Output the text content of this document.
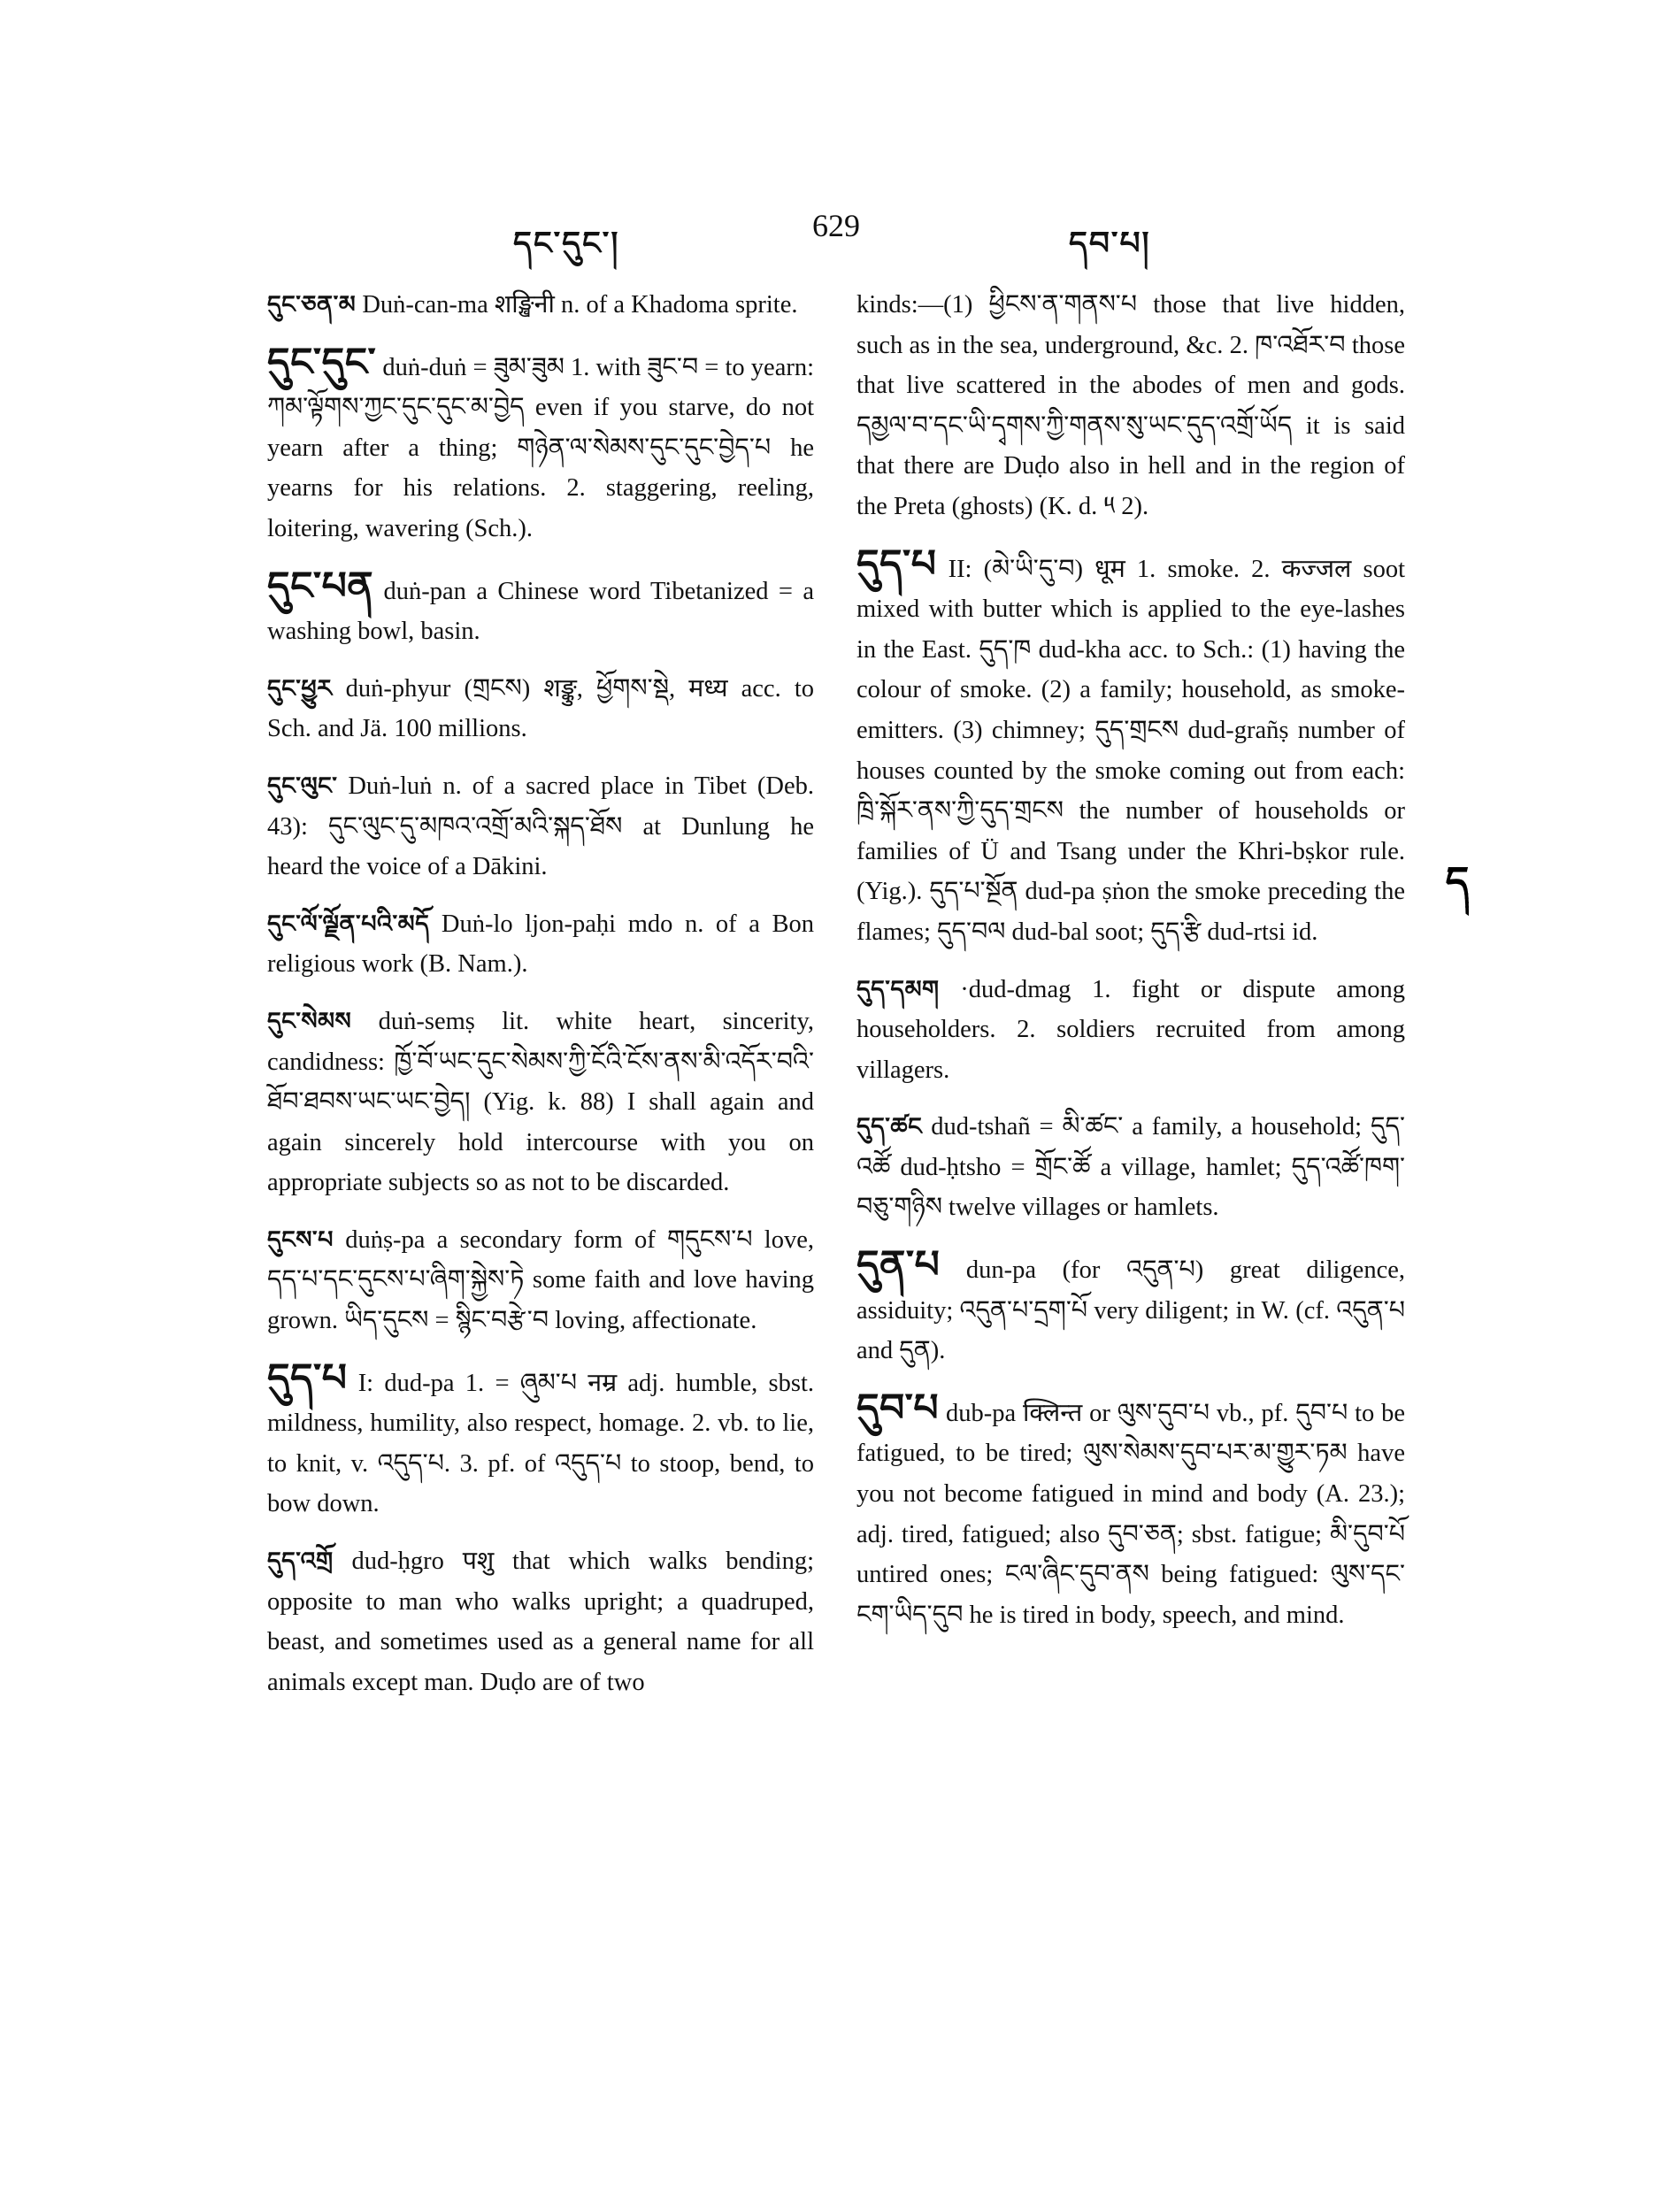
དང་དུང་།	629	དབ་པ།

དུང་ཅན་མ Duṅ-can-ma शङ्खिनी n. of a Khadoma sprite.

དུང་དུང་ duṅ-duṅ = ཟུམ་ཟུམ 1. with ཟུང་བ = to yearn: ཀམ་ལྟོགས་ཀྱང་དུང་དུང་མ་བྱེད even if you starve, do not yearn after a thing; གཉེན་ལ་སེམས་དུང་དུང་བྱེད་པ he yearns for his relations. 2. staggering, reeling, loitering, wavering (Sch.).

དུང་པན duṅ-pan a Chinese word Tibetanized = a washing bowl, basin.

དུང་ཕྱུར duṅ-phyur (གྲངས) शङ्कु, ཕྱོགས་སྡེ, मध्य acc. to Sch. and Jä. 100 millions.

དུང་ལུང་ Duṅ-luṅ n. of a sacred place in Tibet (Deb. 43): དུང་ལུང་དུ་མཁའ་འགྲོ་མའི་སྐད་ཐོས at Dunlung he heard the voice of a Dākini.

དུང་ལོ་ལྗོན་པའི་མདོ Duṅ-lo ljon-paḥi mdo n. of a Bon religious work (B. Nam.).

དུང་སེམས duṅ-semṣ lit. white heart, sincerity, candidness: ཁྱོ་བོ་ཡང་དུང་སེམས་ཀྱི་ངོའི་ངོས་ནས་མི་འདོར་བའི་ཐོབ་ཐབས་ཡང་ཡང་བྱེད། (Yig. k. 88) I shall again and again sincerely hold intercourse with you on appropriate subjects so as not to be discarded.

དུངས་པ duṅṣ-pa a secondary form of གདུངས་པ love, དད་པ་དང་དུངས་པ་ཞིག་སྐྱེས་ཏེ some faith and love having grown. ཡིད་དུངས = སྙིང་བརྩེ་བ loving, affectionate.

དུད་པ I: dud-pa 1. = ཞུམ་པ नम्र adj. humble, sbst. mildness, humility, also respect, homage. 2. vb. to lie, to knit, v. འདུད་པ. 3. pf. of འདུད་པ to stoop, bend, to bow down.

དུད་འགྲོ dud-ḥgro पशु that which walks bending; opposite to man who walks upright; a quadruped, beast, and sometimes used as a general name for all animals except man. Duḍo are of two

kinds:—(1) ཕྱིངས་ན་གནས་པ those that live hidden, such as in the sea, underground, &c. 2. ཁ་འཐོར་བ those that live scattered in the abodes of men and gods. དམྱལ་བ་དང་ཡི་དྭགས་ཀྱི་གནས་སུ་ཡང་དུད་འགྲོ་ཡོད it is said that there are Duḍo also in hell and in the region of the Preta (ghosts) (K. d. ༥ 2).

དུད་པ II: (མེ་ཡི་དུ་བ) धूम 1. smoke. 2. कज्जल soot mixed with butter which is applied to the eye-lashes in the East. དུད་ཁ dud-kha acc. to Sch.: (1) having the colour of smoke. (2) a family; household, as smoke-emitters. (3) chimney; དུད་གྲངས dud-grañṣ number of houses counted by the smoke coming out from each: ཁྲི་སྐོར་ནས་ཀྱི་དུད་གྲངས the number of households or families of Ü and Tsang under the Khri-bṣkor rule. (Yig.). དུད་པ་སྔོན dud-pa ṣṅon the smoke preceding the flames; དུད་བལ dud-bal soot; དུད་རྩི dud-rtsi id.

དུད་དམག ·dud-dmag 1. fight or dispute among householders. 2. soldiers recruited from among villagers.

དུད་ཚང dud-tshañ = མི་ཚང་ a family, a household; དུད་འཚོ dud-ḥtsho = གྲོང་ཚོ a village, hamlet; དུད་འཚོ་ཁག་བཅུ་གཉིས twelve villages or hamlets.

དུན་པ dun-pa (for འདུན་པ) great diligence, assiduity; འདུན་པ་དྲག་པོ very diligent; in W. (cf. འདུན་པ and དུན).

དུབ་པ dub-pa क्लिन्त or ལུས་དུབ་པ vb., pf. དུབ་པ to be fatigued, to be tired; ལུས་སེམས་དུབ་པར་མ་གྱུར་ཏམ have you not become fatigued in mind and body (A. 23.); adj. tired, fatigued; also དུབ་ཅན; sbst. fatigue; མི་དུབ་པོ untired ones; ངལ་ཞིང་དུབ་ནས being fatigued: ལུས་དང་ངག་ཡིད་དུབ he is tired in body, speech, and mind.

ད
